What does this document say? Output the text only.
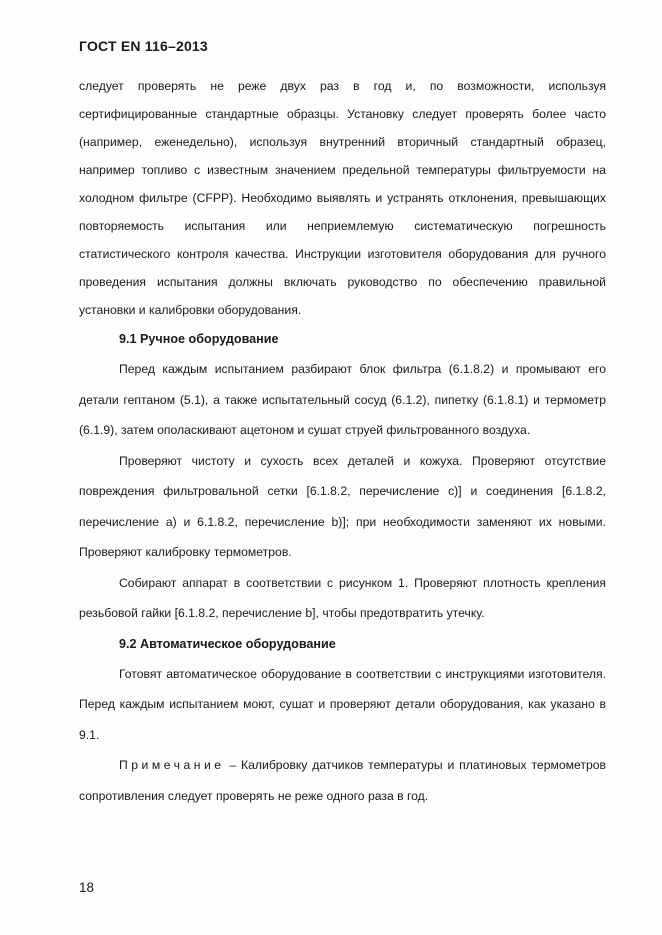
ГОСТ EN 116–2013

следует проверять не реже двух раз в год и, по возможности, используя сертифицированные стандартные образцы. Установку следует проверять более часто (например, еженедельно), используя внутренний вторичный стандартный образец, например топливо с известным значением предельной температуры фильтруемости на холодном фильтре (CFPP). Необходимо выявлять и устранять отклонения, превышающих повторяемость испытания или неприемлемую систематическую погрешность статистического контроля качества. Инструкции изготовителя оборудования для ручного проведения испытания должны включать руководство по обеспечению правильной установки и калибровки оборудования.

9.1 Ручное оборудование

Перед каждым испытанием разбирают блок фильтра (6.1.8.2) и промывают его детали гептаном (5.1), а также испытательный сосуд (6.1.2), пипетку (6.1.8.1) и термометр (6.1.9), затем ополаскивают ацетоном и сушат струей фильтрованного воздуха.

Проверяют чистоту и сухость всех деталей и кожуха. Проверяют отсутствие повреждения фильтровальной сетки [6.1.8.2, перечисление c)] и соединения [6.1.8.2, перечисление а) и 6.1.8.2, перечисление b)]; при необходимости заменяют их новыми. Проверяют калибровку термометров.

Собирают аппарат в соответствии с рисунком 1. Проверяют плотность крепления резьбовой гайки [6.1.8.2, перечисление b], чтобы предотвратить утечку.

9.2 Автоматическое оборудование

Готовят автоматическое оборудование в соответствии с инструкциями изготовителя. Перед каждым испытанием моют, сушат и проверяют детали оборудования, как указано в 9.1.

Примечание – Калибровку датчиков температуры и платиновых термометров сопротивления следует проверять не реже одного раза в год.

18
